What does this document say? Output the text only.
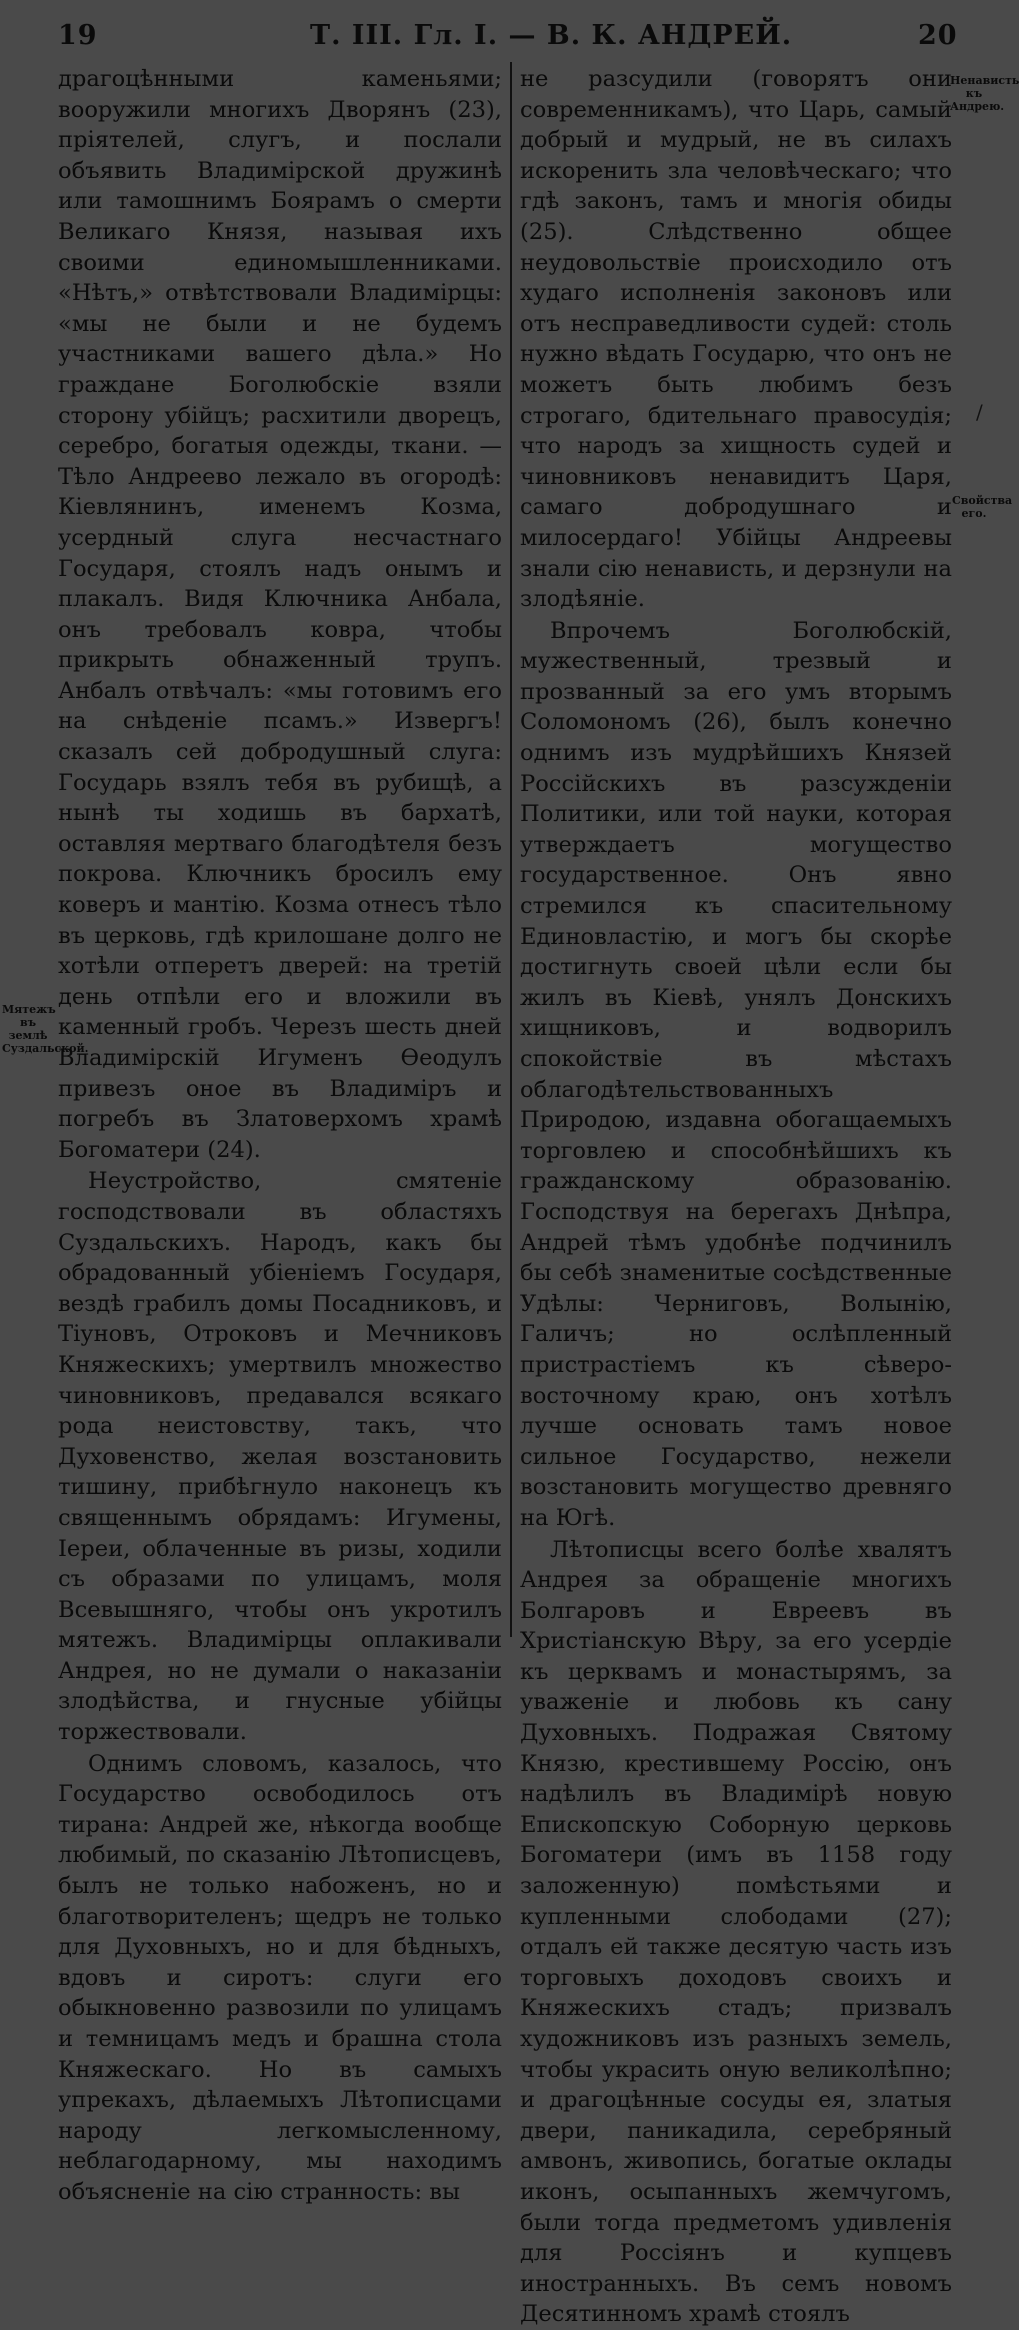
19	Т. III. Гл. I. — В. К. АНДРЕЙ.	20

драгоцѣнными каменьями; вооружили многихъ Дворянъ (23), пріятелей, слугъ, и послали объявить Владимірской дружинѣ или тамошнимъ Боярамъ о смерти Великаго Князя, называя ихъ своими единомышленниками. «Нѣтъ,» отвѣтствовали Владимірцы: «мы не были и не будемъ участниками вашего дѣла.» Но граждане Боголюбскіе взяли сторону убійцъ; расхитили дворецъ, серебро, богатыя одежды, ткани. — Тѣло Андреево лежало въ огородѣ: Кіевлянинъ, именемъ Козма, усердный слуга несчастнаго Государя, стоялъ надъ онымъ и плакалъ. Видя Ключника Анбала, онъ требовалъ ковра, чтобы прикрыть обнаженный трупъ. Анбалъ отвѣчалъ: «мы готовимъ его на снѣденіе псамъ.» Извергъ! сказалъ сей добродушный слуга: Государь взялъ тебя въ рубищѣ, а нынѣ ты ходишь въ бархатѣ, оставляя мертваго благодѣтеля безъ покрова. Ключникъ бросилъ ему коверъ и мантію. Козма отнесъ тѣло въ церковь, гдѣ крилошане долго не хотѣли отперетъ дверей: на третій день отпѣли его и вложили въ каменный гробъ. Черезъ шесть дней Владимірскій Игуменъ Ѳеодулъ привезъ оное въ Владиміръ и погребъ въ Златоверхомъ храмѣ Богоматери (24).

Неустройство, смятеніе господствовали въ областяхъ Суздальскихъ. Народъ, какъ бы обрадованный убіеніемъ Государя, вездѣ грабилъ домы Посадниковъ, и Тіуновъ, Отроковъ и Мечниковъ Княжескихъ; умертвилъ множество чиновниковъ, предавался всякаго рода неистовству, такъ, что Духовенство, желая возстановить тишину, прибѣгнуло наконецъ къ священнымъ обрядамъ: Игумены, Іереи, облаченные въ ризы, ходили съ образами по улицамъ, моля Всевышняго, чтобы онъ укротилъ мятежъ. Владимірцы оплакивали Андрея, но не думали о наказаніи злодѣйства, и гнусные убійцы торжествовали.

Однимъ словомъ, казалось, что Государство освободилось отъ тирана: Андрей же, нѣкогда вообще любимый, по сказанію Лѣтописцевъ, былъ не только набоженъ, но и благотворителенъ; щедръ не только для Духовныхъ, но и для бѣдныхъ, вдовъ и сиротъ: слуги его обыкновенно развозили по улицамъ и темницамъ медъ и брашна стола Княжескаго. Но въ самыхъ упрекахъ, дѣлаемыхъ Лѣтописцами народу легкомысленному, неблагодарному, мы находимъ объясненіе на сію странность: вы

не разсудили (говорятъ они современникамъ), что Царь, самый добрый и мудрый, не въ силахъ искоренить зла человѣческаго; что гдѣ законъ, тамъ и многія обиды (25). Слѣдственно общее неудовольствіе происходило отъ худаго исполненія законовъ или отъ несправедливости судей: столь нужно вѣдать Государю, что онъ не можетъ быть любимъ безъ строгаго, бдительнаго правосудія; что народъ за хищность судей и чиновниковъ ненавидитъ Царя, самаго добродушнаго и милосердаго! Убійцы Андреевы знали сію ненависть, и дерзнули на злодѣяніе.

Впрочемъ Боголюбскій, мужественный, трезвый и прозванный за его умъ вторымъ Соломономъ (26), былъ конечно однимъ изъ мудрѣйшихъ Князей Россійскихъ въ разсужденіи Политики, или той науки, которая утверждаетъ могущество государственное. Онъ явно стремился къ спасительному Единовластію, и могъ бы скорѣе достигнуть своей цѣли если бы жилъ въ Кіевѣ, унялъ Донскихъ хищниковъ, и водворилъ спокойствіе въ мѣстахъ облагодѣтельствованныхъ Природою, издавна обогащаемыхъ торговлею и способнѣйшихъ къ гражданскому образованію. Господствуя на берегахъ Днѣпра, Андрей тѣмъ удобнѣе подчинилъ бы себѣ знаменитые сосѣдственные Удѣлы: Черниговъ, Волынію, Галичъ; но ослѣпленный пристрастіемъ къ сѣверо-восточному краю, онъ хотѣлъ лучше основать тамъ новое сильное Государство, нежели возстановить могущество древняго на Югѣ.

Лѣтописцы всего болѣе хвалятъ Андрея за обращеніе многихъ Болгаровъ и Евреевъ въ Христіанскую Вѣру, за его усердіе къ церквамъ и монастырямъ, за уваженіе и любовь къ сану Духовныхъ. Подражая Святому Князю, крестившему Россію, онъ надѣлилъ въ Владимірѣ новую Епископскую Соборную церковь Богоматери (имъ въ 1158 году заложенную) помѣстьями и купленными слободами (27); отдалъ ей также десятую часть изъ торговыхъ доходовъ своихъ и Княжескихъ стадъ; призвалъ художниковъ изъ разныхъ земель, чтобы украсить оную великолѣпно; и драгоцѣнные сосуды ея, златыя двери, паникадила, серебряный амвонъ, живопись, богатые оклады иконъ, осыпанныхъ жемчугомъ, были тогда предметомъ удивленія для Россіянъ и купцевъ иностранныхъ. Въ семъ новомъ Десятинномъ храмѣ стоялъ

Ненависть къ Андрею.
Свойства его.
Мятежъ въ землѣ Суздальской.
/
